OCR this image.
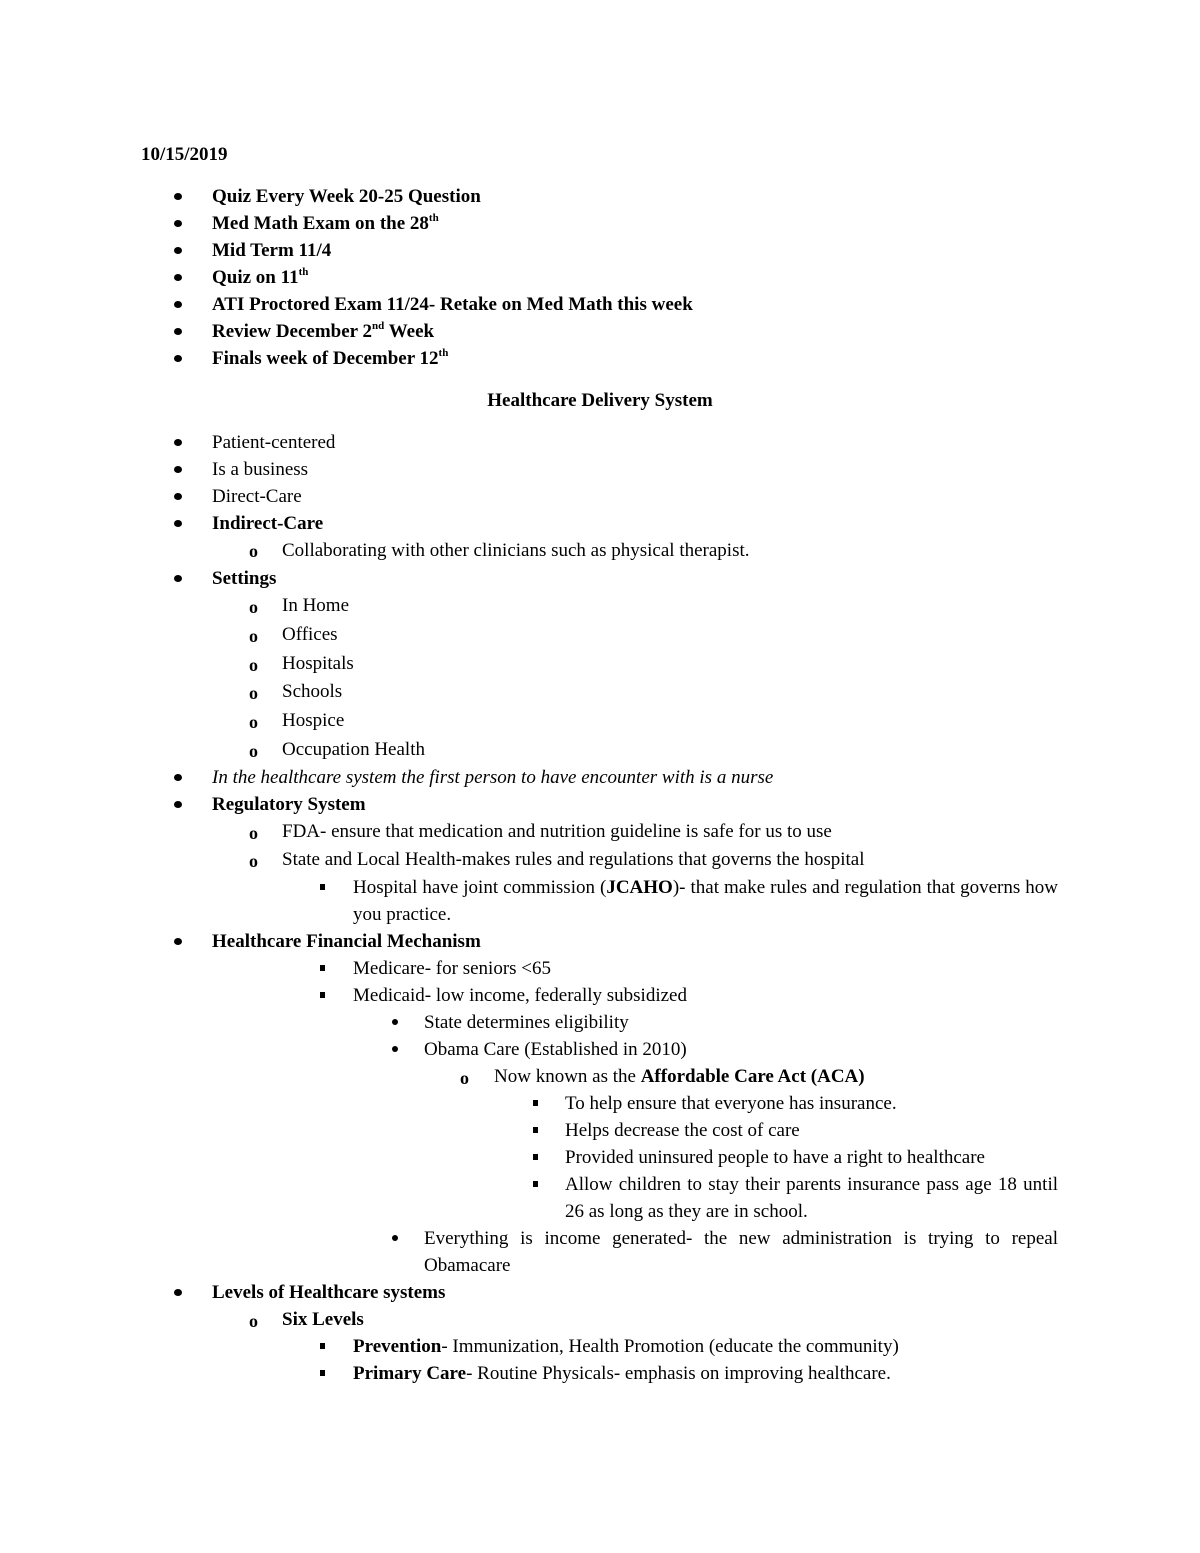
10/15/2019
Quiz Every Week 20-25 Question
Med Math Exam on the 28th
Mid Term 11/4
Quiz on 11th
ATI Proctored Exam 11/24- Retake on Med Math this week
Review December 2nd Week
Finals week of December 12th
Healthcare Delivery System
Patient-centered
Is a business
Direct-Care
Indirect-Care
o Collaborating with other clinicians such as physical therapist.
Settings
o In Home
o Offices
o Hospitals
o Schools
o Hospice
o Occupation Health
In the healthcare system the first person to have encounter with is a nurse
Regulatory System
o FDA- ensure that medication and nutrition guideline is safe for us to use
o State and Local Health-makes rules and regulations that governs the hospital
Hospital have joint commission (JCAHO)- that make rules and regulation that governs how you practice.
Healthcare Financial Mechanism
Medicare- for seniors <65
Medicaid- low income, federally subsidized
State determines eligibility
Obama Care (Established in 2010)
o Now known as the Affordable Care Act (ACA)
To help ensure that everyone has insurance.
Helps decrease the cost of care
Provided uninsured people to have a right to healthcare
Allow children to stay their parents insurance pass age 18 until 26 as long as they are in school.
Everything is income generated- the new administration is trying to repeal Obamacare
Levels of Healthcare systems
o Six Levels
Prevention- Immunization, Health Promotion (educate the community)
Primary Care- Routine Physicals- emphasis on improving healthcare.
